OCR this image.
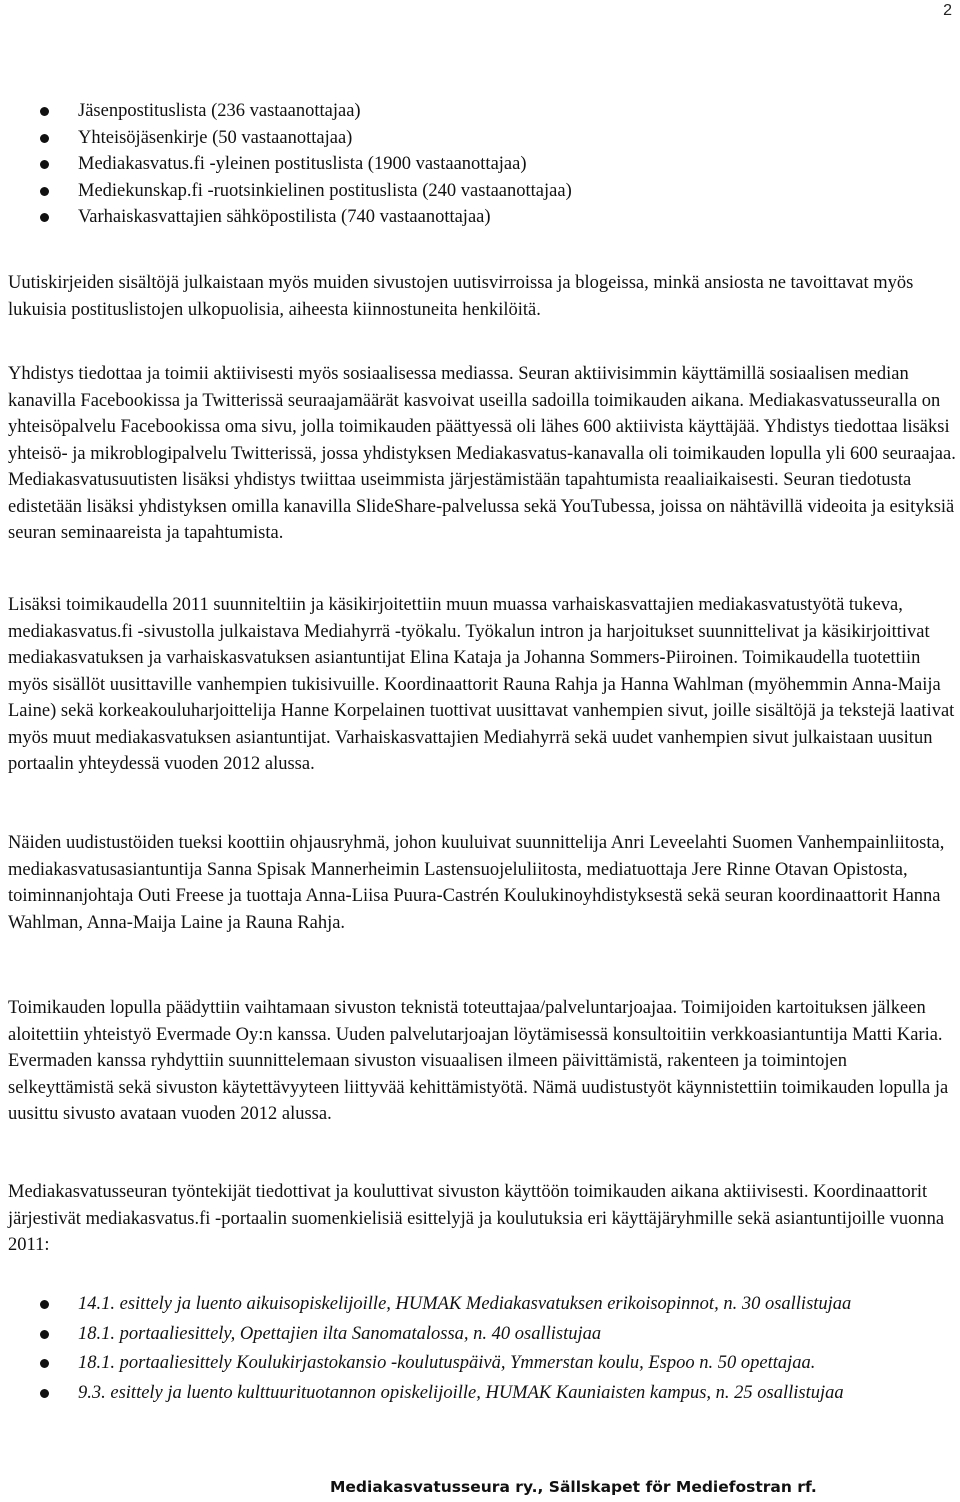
2
Jäsenpostituslista (236 vastaanottajaa)
Yhteisöjäsenkirje (50 vastaanottajaa)
Mediakasvatus.fi -yleinen postituslista (1900 vastaanottajaa)
Mediekunskap.fi -ruotsinkielinen postituslista (240 vastaanottajaa)
Varhaiskasvattajien sähköpostilista (740 vastaanottajaa)

Uutiskirjeiden sisältöjä julkaistaan myös muiden sivustojen uutisvirroissa ja blogeissa, minkä ansiosta ne tavoittavat myös lukuisia postituslistojen ulkopuolisia, aiheesta kiinnostuneita henkilöitä.

Yhdistys tiedottaa ja toimii aktiivisesti myös sosiaalisessa mediassa. Seuran aktiivisimmin käyttämillä sosiaalisen median kanavilla Facebookissa ja Twitterissä seuraajamäärät kasvoivat useilla sadoilla toimikauden aikana. Mediakasvatusseuralla on yhteisöpalvelu Facebookissa oma sivu, jolla toimikauden päättyessä oli lähes 600 aktiivista käyttäjää. Yhdistys tiedottaa lisäksi yhteisö- ja mikroblogipalvelu Twitterissä, jossa yhdistyksen Mediakasvatus-kanavalla oli toimikauden lopulla yli 600 seuraajaa. Mediakasvatusuutisten lisäksi yhdistys twiittaa useimmista järjestämistään tapahtumista reaaliaikaisesti. Seuran tiedotusta edistetään lisäksi yhdistyksen omilla kanavilla SlideShare-palvelussa sekä YouTubessa, joissa on nähtävillä videoita ja esityksiä seuran seminaareista ja tapahtumista.

Lisäksi toimikaudella 2011 suunniteltiin ja käsikirjoitettiin muun muassa varhaiskasvattajien mediakasvatustyötä tukeva, mediakasvatus.fi -sivustolla julkaistava Mediahyrrä -työkalu. Työkalun intron ja harjoitukset suunnittelivat ja käsikirjoittivat mediakasvatuksen ja varhaiskasvatuksen asiantuntijat Elina Kataja ja Johanna Sommers-Piiroinen. Toimikaudella tuotettiin myös sisällöt uusittaville vanhempien tukisivuille. Koordinaattorit Rauna Rahja ja Hanna Wahlman (myöhemmin Anna-Maija Laine) sekä korkeakouluharjoittelija Hanne Korpelainen tuottivat uusittavat vanhempien sivut, joille sisältöjä ja tekstejä laativat myös muut mediakasvatuksen asiantuntijat. Varhaiskasvattajien Mediahyrrä sekä uudet vanhempien sivut julkaistaan uusitun portaalin yhteydessä vuoden 2012 alussa.

Näiden uudistustöiden tueksi koottiin ohjausryhmä, johon kuuluivat suunnittelija Anri Leveelahti Suomen Vanhempainliitosta, mediakasvatusasiantuntija Sanna Spisak Mannerheimin Lastensuojeluliitosta, mediatuottaja Jere Rinne Otavan Opistosta, toiminnanjohtaja Outi Freese ja tuottaja Anna-Liisa Puura-Castrén Koulukinoyhdistyksestä sekä seuran koordinaattorit Hanna Wahlman, Anna-Maija Laine ja Rauna Rahja.

Toimikauden lopulla päädyttiin vaihtamaan sivuston teknistä toteuttajaa/palveluntarjoajaa. Toimijoiden kartoituksen jälkeen aloitettiin yhteistyö Evermade Oy:n kanssa. Uuden palvelutarjoajan löytämisessä konsultoitiin verkkoasiantuntija Matti Karia. Evermaden kanssa ryhdyttiin suunnittelemaan sivuston visuaalisen ilmeen päivittämistä, rakenteen ja toimintojen selkeyttämistä sekä sivuston käytettävyyteen liittyvää kehittämistyötä. Nämä uudistustyöt käynnistettiin toimikauden lopulla ja uusittu sivusto avataan vuoden 2012 alussa.

Mediakasvatusseuran työntekijät tiedottivat ja kouluttivat sivuston käyttöön toimikauden aikana aktiivisesti. Koordinaattorit järjestivät mediakasvatus.fi -portaalin suomenkielisiä esittelyjä ja koulutuksia eri käyttäjäryhmille sekä asiantuntijoille vuonna 2011:

14.1. esittely ja luento aikuisopiskelijoille, HUMAK Mediakasvatuksen erikoisopinnot, n. 30 osallistujaa
18.1. portaaliesittely, Opettajien ilta Sanomatalossa, n. 40 osallistujaa
18.1. portaaliesittely Koulukirjastokansio -koulutuspäivä, Ymmerstan koulu, Espoo n. 50 opettajaa.
9.3. esittely ja luento kulttuurituotannon opiskelijoille, HUMAK Kauniaisten kampus, n. 25 osallistujaa
Mediakasvatusseura ry., Sällskapet för Mediefostran rf.
